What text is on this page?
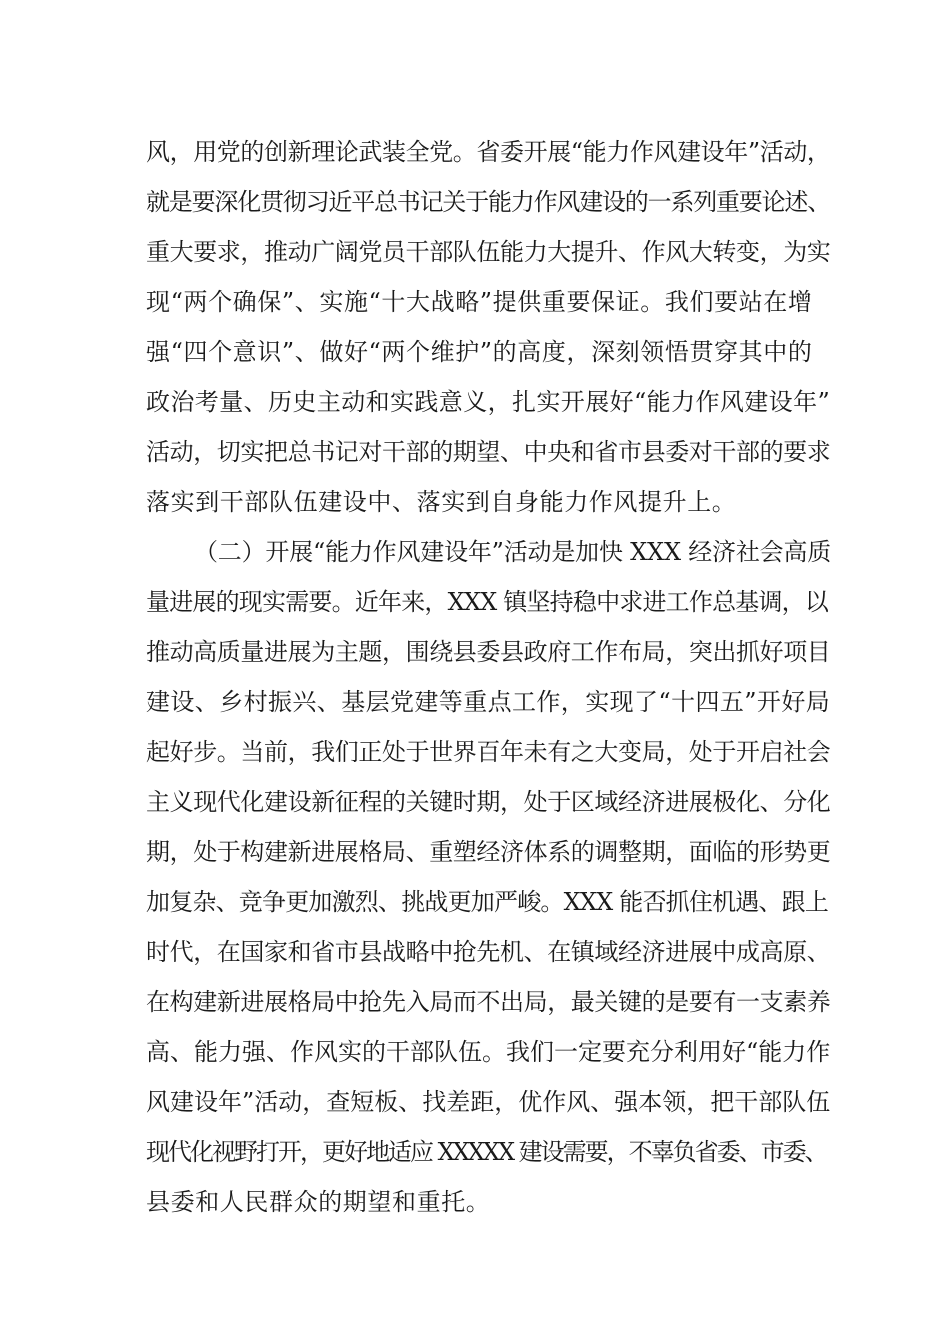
风，用党的创新理论武装全党。省委开展“能力作风建设年”活动，
就是要深化贯彻习近平总书记关于能力作风建设的一系列重要论述、
重大要求，推动广阔党员干部队伍能力大提升、作风大转变，为实
现“两个确保”、实施“十大战略”提供重要保证。我们要站在增
强“四个意识”、做好“两个维护”的高度，深刻领悟贯穿其中的
政治考量、历史主动和实践意义，扎实开展好“能力作风建设年”
活动，切实把总书记对干部的期望、中央和省市县委对干部的要求
落实到干部队伍建设中、落实到自身能力作风提升上。
（二）开展“能力作风建设年”活动是加快 XXX 经济社会高质
量进展的现实需要。近年来，XXX 镇坚持稳中求进工作总基调，以
推动高质量进展为主题，围绕县委县政府工作布局，突出抓好项目
建设、乡村振兴、基层党建等重点工作，实现了“十四五”开好局
起好步。当前，我们正处于世界百年未有之大变局，处于开启社会
主义现代化建设新征程的关键时期，处于区域经济进展极化、分化
期，处于构建新进展格局、重塑经济体系的调整期，面临的形势更
加复杂、竞争更加激烈、挑战更加严峻。XXX 能否抓住机遇、跟上
时代，在国家和省市县战略中抢先机、在镇域经济进展中成高原、
在构建新进展格局中抢先入局而不出局，最关键的是要有一支素养
高、能力强、作风实的干部队伍。我们一定要充分利用好“能力作
风建设年”活动，查短板、找差距，优作风、强本领，把干部队伍
现代化视野打开，更好地适应 XXXXX 建设需要，不辜负省委、市委、
县委和人民群众的期望和重托。
